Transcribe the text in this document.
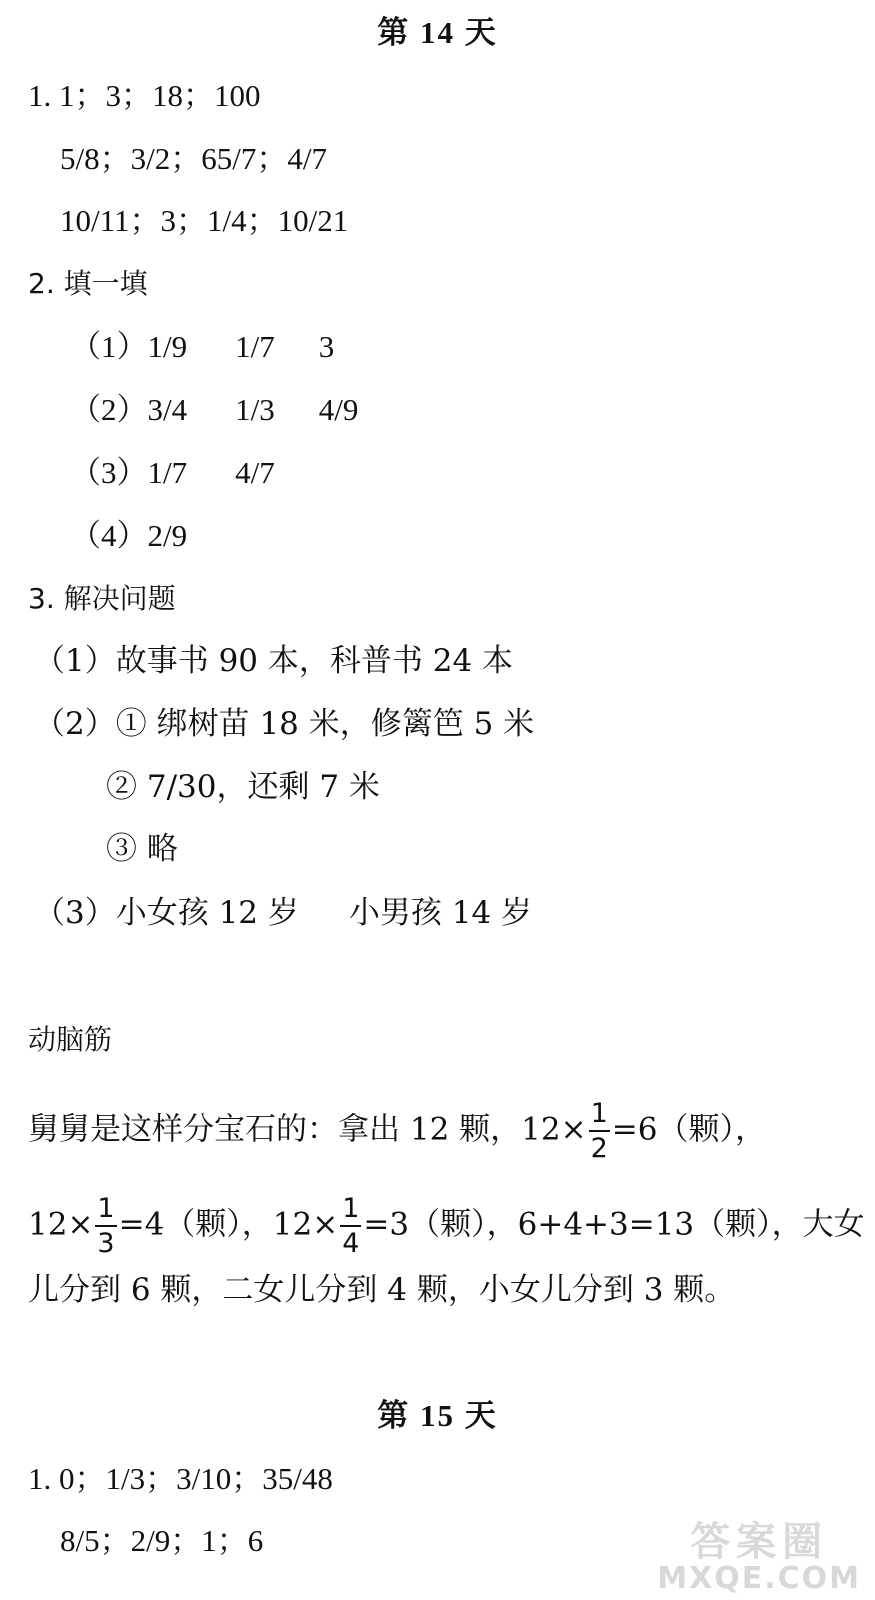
第 14 天
1. 1；3；18；100
5/8；3/2；65/7；4/7
10/11；3；1/4；10/21
2. 填一填
（1）1/9 1/7 3
（2）3/4 1/3 4/9
（3）1/7 4/7
（4）2/9
3. 解决问题
（1）故事书 90 本，科普书 24 本
（2）① 绑树苗 18 米，修篱笆 5 米
② 7/30，还剩 7 米
③ 略
（3）小女孩 12 岁 小男孩 14 岁
动脑筋
舅舅是这样分宝石的：拿出 12 颗，$12\times \frac{1}{2} =6$（颗），
$12\times \frac{1}{3} =4$（颗），$12\times \frac{1}{4} =3$（颗），6+4+3=13（颗），大女
儿分到 6 颗，二女儿分到 4 颗，小女儿分到 3 颗。
第 15 天
1. 0；1/3；3/10；35/48
8/5；2/9；1；6	答案圈
MXQE.COM
